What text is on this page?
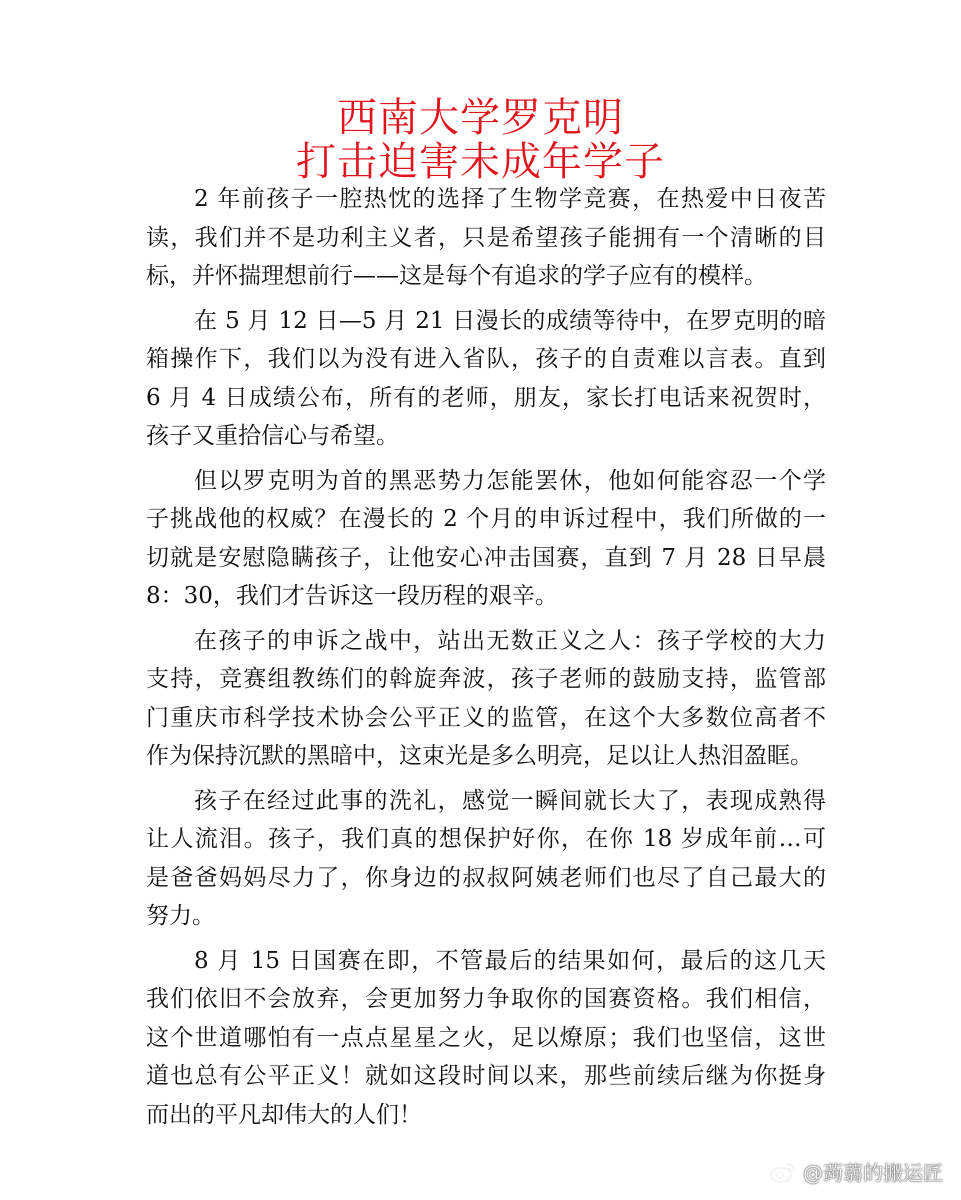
西南大学罗克明
打击迫害未成年学子
2 年前孩子一腔热忱的选择了生物学竞赛，在热爱中日夜苦
读，我们并不是功利主义者，只是希望孩子能拥有一个清晰的目
标，并怀揣理想前行——这是每个有追求的学子应有的模样。
在 5 月 12 日—5 月 21 日漫长的成绩等待中，在罗克明的暗
箱操作下，我们以为没有进入省队，孩子的自责难以言表。直到
6 月 4 日成绩公布，所有的老师，朋友，家长打电话来祝贺时，
孩子又重拾信心与希望。
但以罗克明为首的黑恶势力怎能罢休，他如何能容忍一个学
子挑战他的权威？在漫长的 2 个月的申诉过程中，我们所做的一
切就是安慰隐瞒孩子，让他安心冲击国赛，直到 7 月 28 日早晨
8：30，我们才告诉这一段历程的艰辛。
在孩子的申诉之战中，站出无数正义之人：孩子学校的大力
支持，竞赛组教练们的斡旋奔波，孩子老师的鼓励支持，监管部
门重庆市科学技术协会公平正义的监管，在这个大多数位高者不
作为保持沉默的黑暗中，这束光是多么明亮，足以让人热泪盈眶。
孩子在经过此事的洗礼，感觉一瞬间就长大了，表现成熟得
让人流泪。孩子，我们真的想保护好你，在你 18 岁成年前…可
是爸爸妈妈尽力了，你身边的叔叔阿姨老师们也尽了自己最大的
努力。
8 月 15 日国赛在即，不管最后的结果如何，最后的这几天
我们依旧不会放弃，会更加努力争取你的国赛资格。我们相信，
这个世道哪怕有一点点星星之火，足以燎原；我们也坚信，这世
道也总有公平正义！就如这段时间以来，那些前续后继为你挺身
而出的平凡却伟大的人们！
@蒟蒻的搬运匠
